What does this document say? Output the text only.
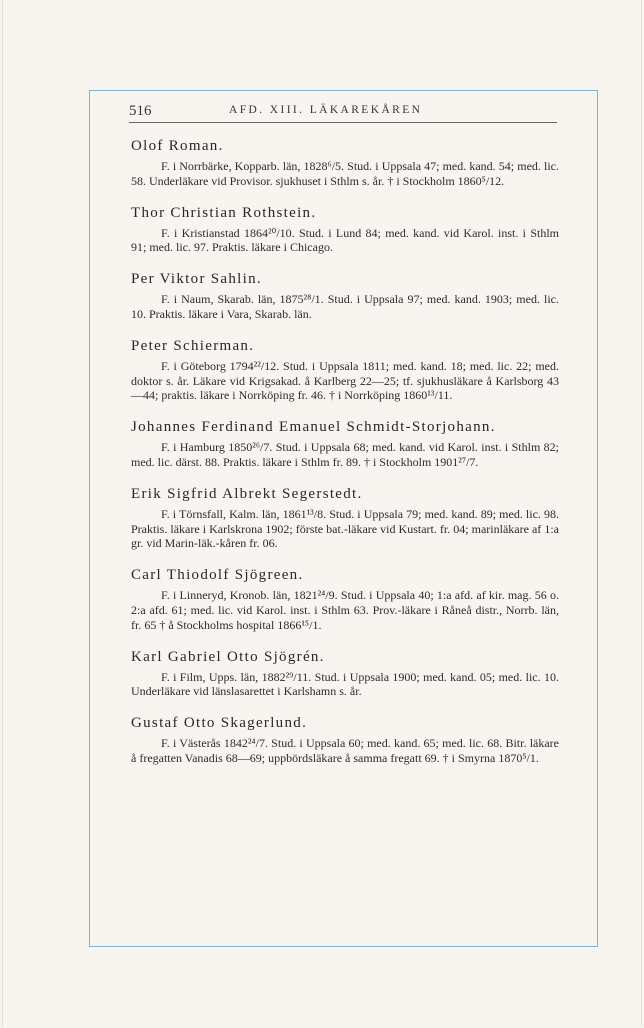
516	AFD. XIII. LÄKAREKÅREN
Olof Roman.
F. i Norrbärke, Kopparb. län, 1828⁶/5. Stud. i Uppsala 47; med. kand. 54; med. lic. 58. Underläkare vid Provisor. sjukhuset i Sthlm s. år. † i Stockholm 1860⁵/12.
Thor Christian Rothstein.
F. i Kristianstad 1864²⁰/10. Stud. i Lund 84; med. kand. vid Karol. inst. i Sthlm 91; med. lic. 97. Praktis. läkare i Chicago.
Per Viktor Sahlin.
F. i Naum, Skarab. län, 1875²⁸/1. Stud. i Uppsala 97; med. kand. 1903; med. lic. 10. Praktis. läkare i Vara, Skarab. län.
Peter Schierman.
F. i Göteborg 1794²²/12. Stud. i Uppsala 1811; med. kand. 18; med. lic. 22; med. doktor s. år. Läkare vid Krigsakad. å Karlberg 22—25; tf. sjukhusläkare å Karlsborg 43—44; praktis. läkare i Norrköping fr. 46. † i Norrköping 1860¹³/11.
Johannes Ferdinand Emanuel Schmidt-Storjohann.
F. i Hamburg 1850²⁶/7. Stud. i Uppsala 68; med. kand. vid Karol. inst. i Sthlm 82; med. lic. därst. 88. Praktis. läkare i Sthlm fr. 89. † i Stockholm 1901²⁷/7.
Erik Sigfrid Albrekt Segerstedt.
F. i Törnsfall, Kalm. län, 1861¹³/8. Stud. i Uppsala 79; med. kand. 89; med. lic. 98. Praktis. läkare i Karlskrona 1902; förste bat.-läkare vid Kustart. fr. 04; marinläkare af 1:a gr. vid Marin-läk.-kåren fr. 06.
Carl Thiodolf Sjögreen.
F. i Linneryd, Kronob. län, 1821²⁴/9. Stud. i Uppsala 40; 1:a afd. af kir. mag. 56 o. 2:a afd. 61; med. lic. vid Karol. inst. i Sthlm 63. Prov.-läkare i Råneå distr., Norrb. län, fr. 65 † å Stockholms hospital 1866¹⁵/1.
Karl Gabriel Otto Sjögrén.
F. i Film, Upps. län, 1882²⁹/11. Stud. i Uppsala 1900; med. kand. 05; med. lic. 10. Underläkare vid länslasarettet i Karlshamn s. år.
Gustaf Otto Skagerlund.
F. i Västerås 1842²⁴/7. Stud. i Uppsala 60; med. kand. 65; med. lic. 68. Bitr. läkare å fregatten Vanadis 68—69; uppbördsläkare å samma fregatt 69. † i Smyrna 1870⁵/1.
